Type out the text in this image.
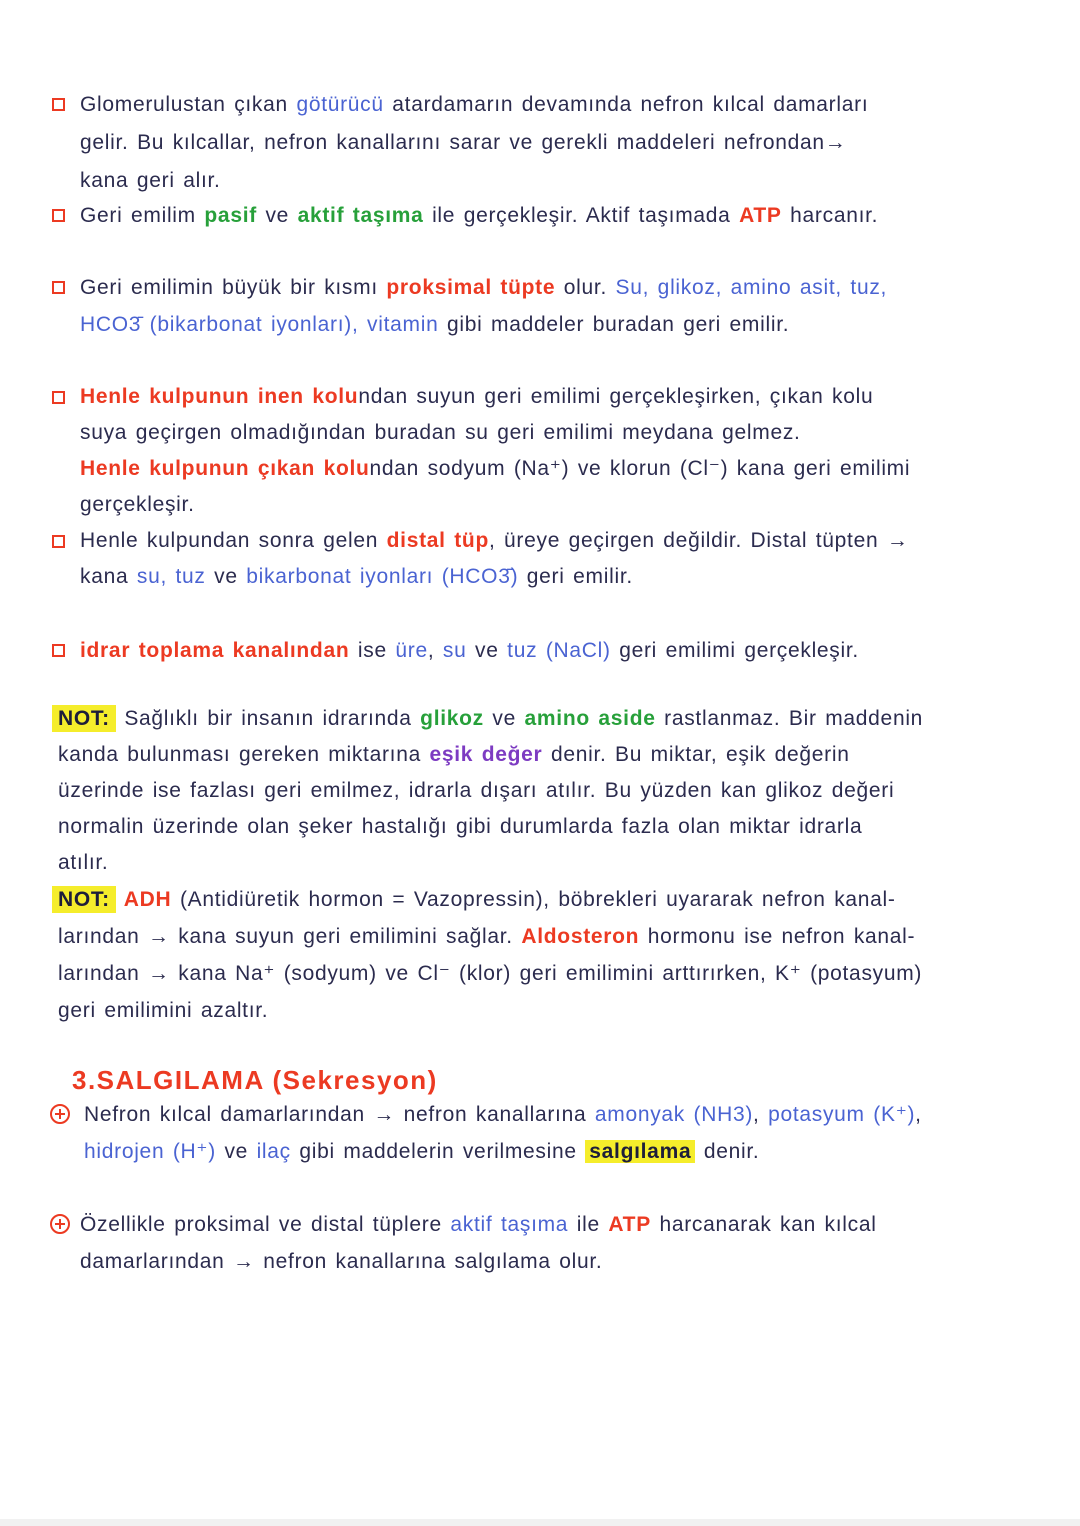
Glomerulustan çıkan götürücü atardamarın devamında nefron kılcal damarları
gelir. Bu kılcallar, nefron kanallarını sarar ve gerekli maddeleri nefrondan→
kana geri alır.
Geri emilim pasif ve aktif taşıma ile gerçekleşir. Aktif taşımada ATP harcanır.
Geri emilimin büyük bir kısmı proksimal tüpte olur. Su, glikoz, amino asit, tuz,
HCO3̄ (bikarbonat iyonları), vitamin gibi maddeler buradan geri emilir.
Henle kulpunun inen kolundan suyun geri emilimi gerçekleşirken, çıkan kolu
suya geçirgen olmadığından buradan su geri emilimi meydana gelmez.
Henle kulpunun çıkan kolundan sodyum (Na⁺) ve klorun (Cl⁻) kana geri emilimi
gerçekleşir.
Henle kulpundan sonra gelen distal tüp, üreye geçirgen değildir. Distal tüpten →
kana su, tuz ve bikarbonat iyonları (HCO3̄) geri emilir.
idrar toplama kanalından ise üre, su ve tuz (NaCl) geri emilimi gerçekleşir.
NOT: Sağlıklı bir insanın idrarında glikoz ve amino aside rastlanmaz. Bir maddenin
kanda bulunması gereken miktarına eşik değer denir. Bu miktar, eşik değerin
üzerinde ise fazlası geri emilmez, idrarla dışarı atılır. Bu yüzden kan glikoz değeri
normalin üzerinde olan şeker hastalığı gibi durumlarda fazla olan miktar idrarla
atılır.
NOT: ADH (Antidiüretik hormon = Vazopressin), böbrekleri uyararak nefron kanal-
larından → kana suyun geri emilimini sağlar. Aldosteron hormonu ise nefron kanal-
larından → kana Na⁺ (sodyum) ve Cl⁻ (klor) geri emilimini arttırırken, K⁺ (potasyum)
geri emilimini azaltır.
3.SALGILAMA (Sekresyon)
Nefron kılcal damarlarından → nefron kanallarına amonyak (NH3), potasyum (K⁺),
hidrojen (H⁺) ve ilaç gibi maddelerin verilmesine salgılama denir.
Özellikle proksimal ve distal tüplere aktif taşıma ile ATP harcanarak kan kılcal
damarlarından → nefron kanallarına salgılama olur.
